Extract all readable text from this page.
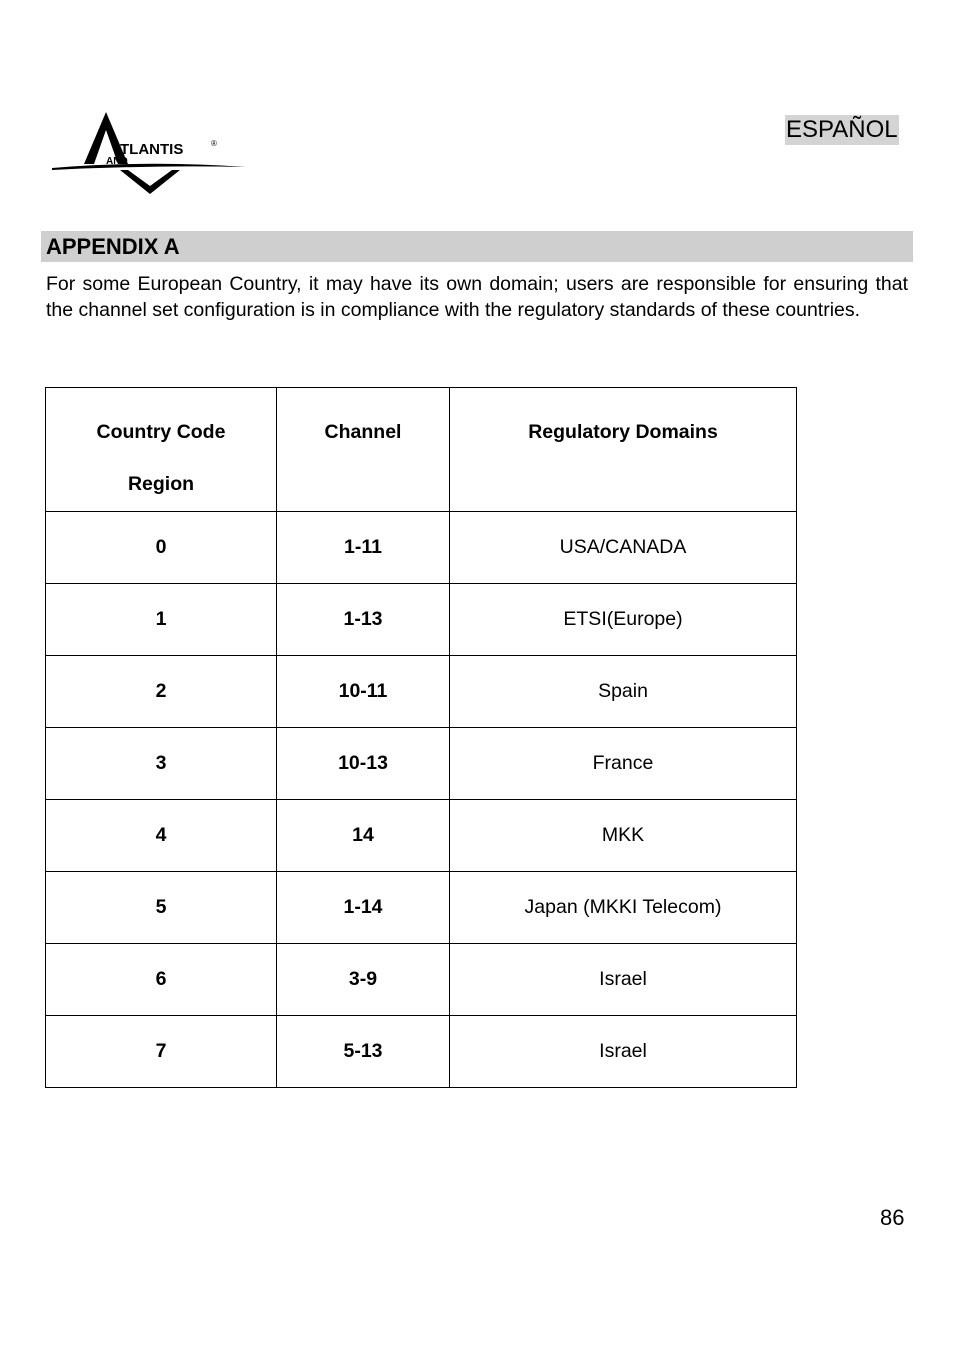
TLANTIS	®
AND
ESPAÑOL
APPENDIX A

For some European Country, it may have its own domain; users are responsible for ensuring that the channel set configuration is in compliance with the regulatory standards of these countries.

Country Code
Region	Channel	Regulatory Domains

0	1-11	USA/CANADA
1	1-13	ETSI(Europe)
2	10-11	Spain
3	10-13	France
4	14	MKK
5	1-14	Japan (MKKI Telecom)
6	3-9	Israel
7	5-13	Israel
86
